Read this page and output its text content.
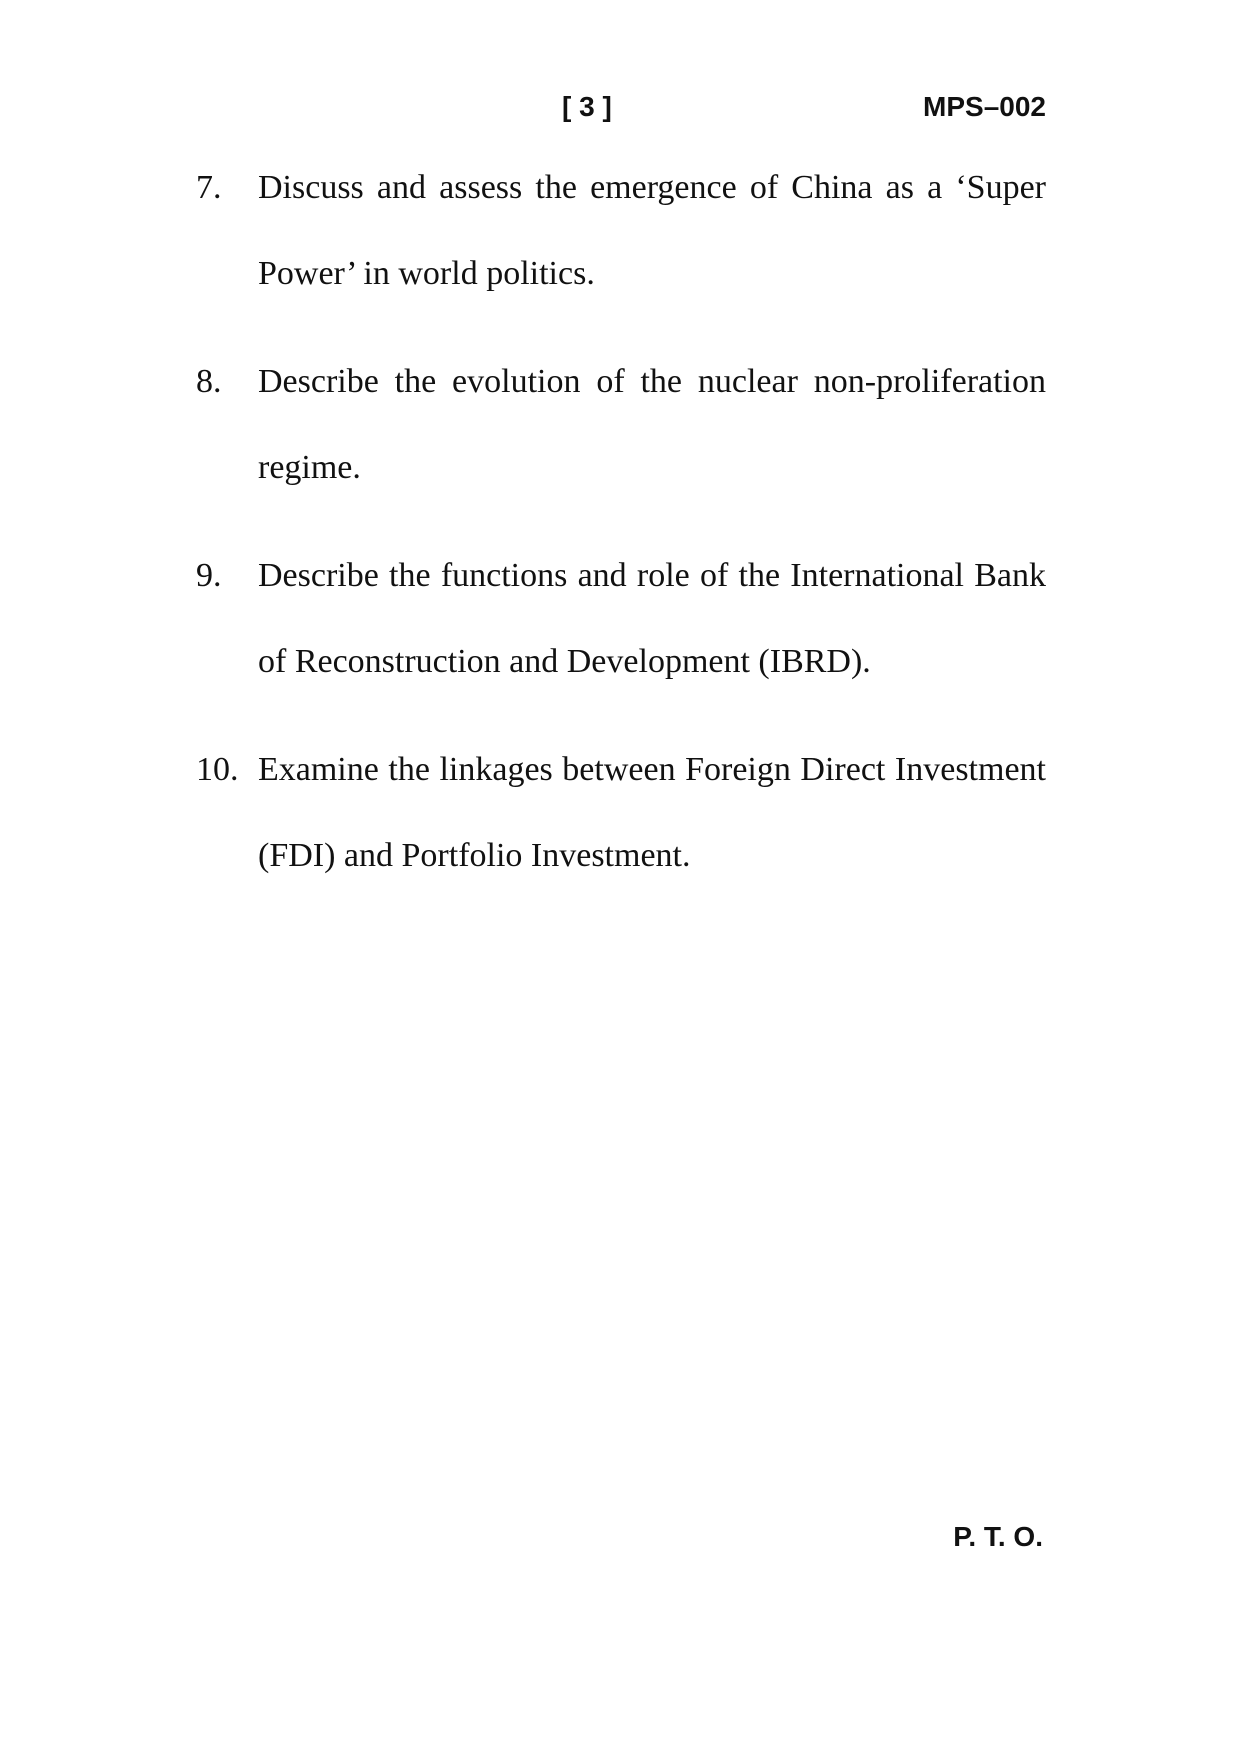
[ 3 ]	MPS–002
7. Discuss and assess the emergence of China as a ‘Super Power’ in world politics.
8. Describe the evolution of the nuclear non-proliferation regime.
9. Describe the functions and role of the International Bank of Reconstruction and Development (IBRD).
10. Examine the linkages between Foreign Direct Investment (FDI) and Portfolio Investment.
P. T. O.
